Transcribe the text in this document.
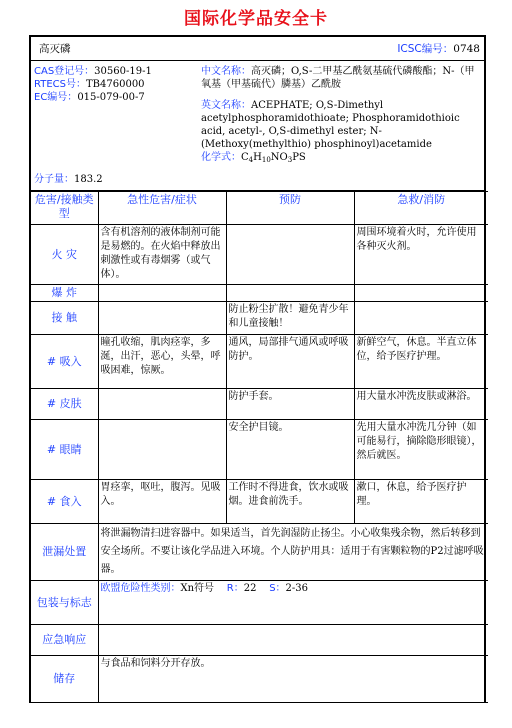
国际化学品安全卡
高灭磷	ICSC编号：0748
CAS登记号：30560-19-1
RTECS号：TB4760000
EC编号：015-079-00-7
分子量：183.2
中文名称：高灭磷；O,S-二甲基乙酰氨基硫代磷酸酯；N-（甲氧基（甲基硫代）膦基）乙酰胺
英文名称：ACEPHATE; O,S-Dimethyl acetylphosphoramidothioate; Phosphoramidothioic acid, acetyl-, O,S-dimethyl ester; N-(Methoxy(methylthio) phosphinoyl)acetamide
化学式：$C_4H_{10}NO_3PS$
危害/接触类型	急性危害/症状	预防	急救/消防
火 灾	含有机溶剂的液体制剂可能是易燃的。在火焰中释放出刺激性或有毒烟雾（或气体）。		周围环境着火时，允许使用各种灭火剂。
爆 炸			
接 触		防止粉尘扩散！避免青少年和儿童接触！	
# 吸入	瞳孔收缩，肌肉痉挛，多涎，出汗，恶心，头晕，呼吸困难，惊厥。	通风，局部排气通风或呼吸防护。	新鲜空气，休息。半直立体位，给予医疗护理。
# 皮肤		防护手套。	用大量水冲洗皮肤或淋浴。
# 眼睛		安全护目镜。	先用大量水冲洗几分钟（如可能易行，摘除隐形眼镜），然后就医。
# 食入	胃痉挛，呕吐，腹泻。见吸入。	工作时不得进食，饮水或吸烟。进食前洗手。	漱口，休息，给予医疗护理。
泄漏处置	将泄漏物清扫进容器中。如果适当，首先润湿防止扬尘。小心收集残余物，然后转移到安全场所。不要让该化学品进入环境。个人防护用具：适用于有害颗粒物的P2过滤呼吸器。		
包装与标志	欧盟危险性类别：Xn符号 R：22 S：2-36		
应急响应			
储存	与食品和饲料分开存放。		
